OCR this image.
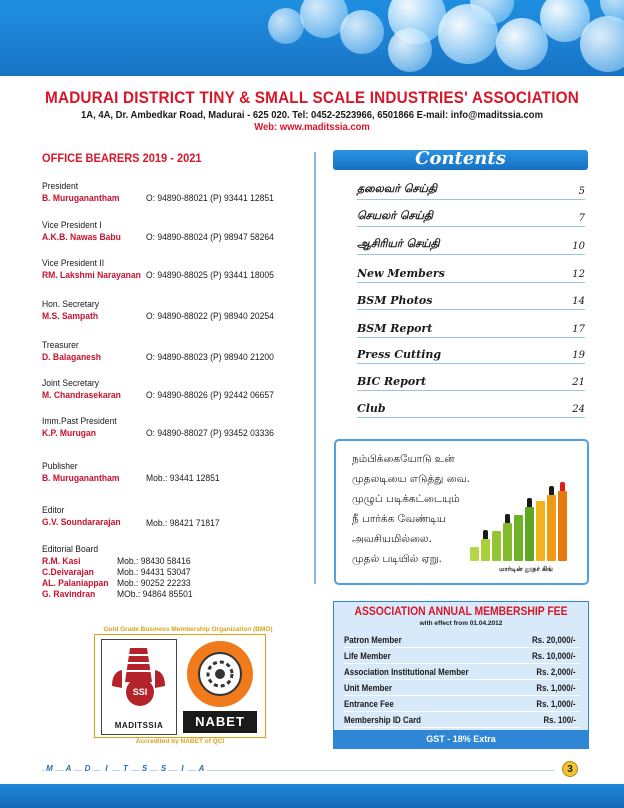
MADURAI DISTRICT TINY & SMALL SCALE INDUSTRIES' ASSOCIATION
1A, 4A, Dr. Ambedkar Road, Madurai - 625 020. Tel: 0452-2523966, 6501866 E-mail: info@maditssia.com
Web: www.maditssia.com
OFFICE BEARERS 2019 - 2021
President
B. Muruganantham	O: 94890-88021 (P) 93441 12851
Vice President I
A.K.B. Nawas Babu	O: 94890-88024 (P) 98947 58264
Vice President II
RM. Lakshmi Narayanan O: 94890-88025 (P) 93441 18005
Hon. Secretary
M.S. Sampath	O: 94890-88022 (P) 98940 20254
Treasurer
D. Balaganesh	O: 94890-88023 (P) 98940 21200
Joint Secretary
M. Chandrasekaran	O: 94890-88026 (P) 92442 06657
Imm.Past President
K.P. Murugan	O: 94890-88027 (P) 93452 03336
Publisher
B. Muruganantham	Mob.: 93441 12851
Editor
G.V. Soundararajan	Mob.: 98421 71817
Editorial Board
R.M. Kasi	Mob.: 98430 58416
C.Deivarajan Mob.: 94431 53047
AL. Palaniappan Mob.: 90252 22233
G. Ravindran MOb.: 94864 85501
Gold Grade Business Membership Organization (BMO)
SSI
MADITSSIA	NABET
Accredited by NABET of QCI
Contents
தலைவர் செய்தி	5
செயலர் செய்தி	7
ஆசிரியர் செய்தி	10
New Members	12
BSM Photos	14
BSM Report	17
Press Cutting	19
BIC Report	21
Club	24
நம்பிக்கையோடு உன்
முதலடியை எடுத்து வை.
முழுப் படிக்கட்டையும்
நீ பார்க்க வேண்டிய
அவசியமில்லை.
முதல் படியில் ஏறு.
மார்டின் லூதர் கிங்
ASSOCIATION ANNUAL MEMBERSHIP FEE
with effect from 01.04.2012
Patron Member	Rs. 20,000/-
Life Member	Rs. 10,000/-
Association Institutional Member	Rs. 2,000/-
Unit Member	Rs. 1,000/-
Entrance Fee	Rs. 1,000/-
Membership ID Card	Rs. 100/-
GST - 18% Extra
M	A	D	I	T	S	S	I	A	3
